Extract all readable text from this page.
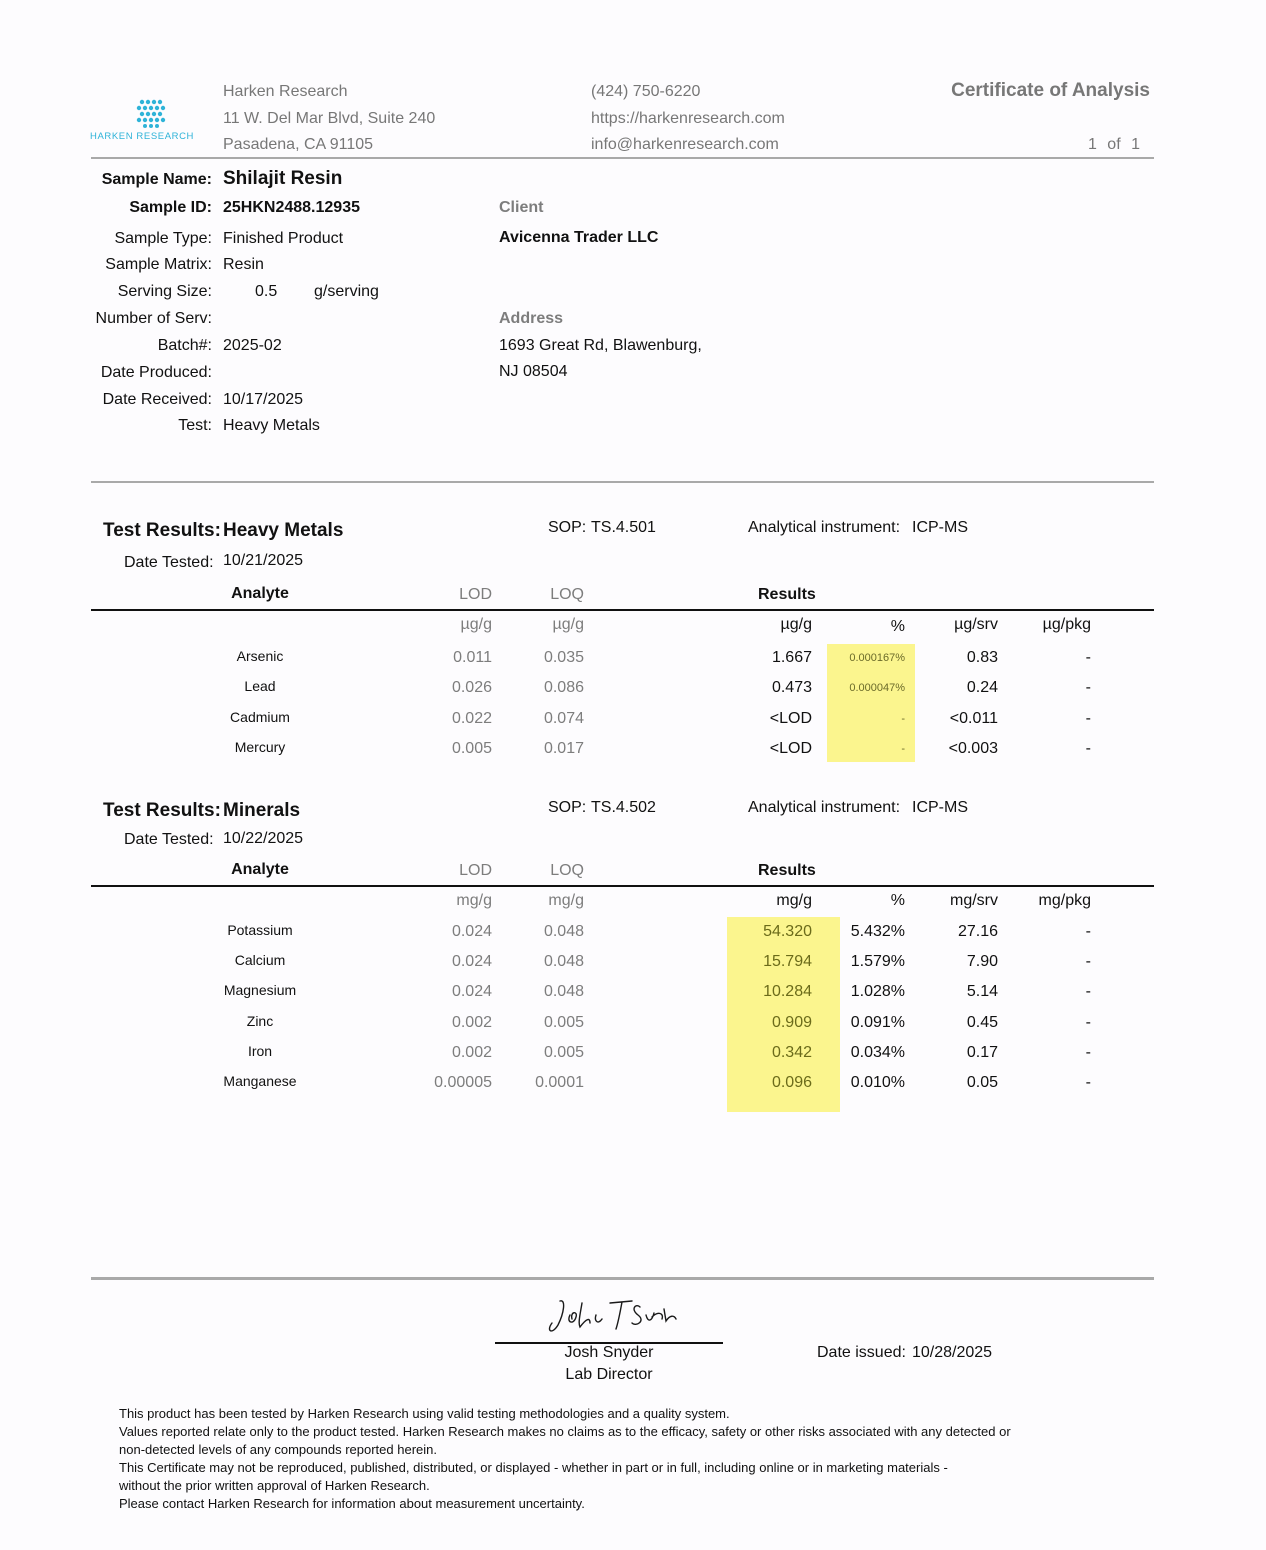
HARKEN RESEARCH
Harken Research
11 W. Del Mar Blvd, Suite 240
Pasadena, CA 91105
(424) 750-6220
https://harkenresearch.com
info@harkenresearch.com
Certificate of Analysis
1 of 1
Sample Name: Shilajit Resin
Sample ID: 25HKN2488.12935
Sample Type: Finished Product
Sample Matrix: Resin
Serving Size:	0.5 g/serving
Number of Serv:
Batch#: 2025-02
Date Produced:
Date Received: 10/17/2025
Test: Heavy Metals
Client
Avicenna Trader LLC
Address
1693 Great Rd, Blawenburg,
NJ 08504
Test Results: Heavy Metals	SOP: TS.4.501	Analytical instrument: ICP-MS
Date Tested: 10/21/2025
Analyte	LOD	LOQ	Results
µg/g	µg/g	µg/g	%	µg/srv	µg/pkg
Arsenic	0.011	0.035	1.667	0.000167%	0.83	-
Lead	0.026	0.086	0.473	0.000047%	0.24	-
Cadmium	0.022	0.074	<LOD	-	<0.011	-
Mercury	0.005	0.017	<LOD	-	<0.003	-
Test Results: Minerals	SOP: TS.4.502	Analytical instrument: ICP-MS
Date Tested: 10/22/2025
Analyte	LOD	LOQ	Results
mg/g	mg/g	mg/g	%	mg/srv	mg/pkg
Potassium	0.024	0.048	54.320	5.432%	27.16	-
Calcium	0.024	0.048	15.794	1.579%	7.90	-
Magnesium	0.024	0.048	10.284	1.028%	5.14	-
Zinc	0.002	0.005	0.909	0.091%	0.45	-
Iron	0.002	0.005	0.342	0.034%	0.17	-
Manganese	0.00005	0.0001	0.096	0.010%	0.05	-
Josh Snyder
Lab Director
Date issued: 10/28/2025
This product has been tested by Harken Research using valid testing methodologies and a quality system.
Values reported relate only to the product tested. Harken Research makes no claims as to the efficacy, safety or other risks associated with any detected or
non-detected levels of any compounds reported herein.
This Certificate may not be reproduced, published, distributed, or displayed - whether in part or in full, including online or in marketing materials -
without the prior written approval of Harken Research.
Please contact Harken Research for information about measurement uncertainty.
